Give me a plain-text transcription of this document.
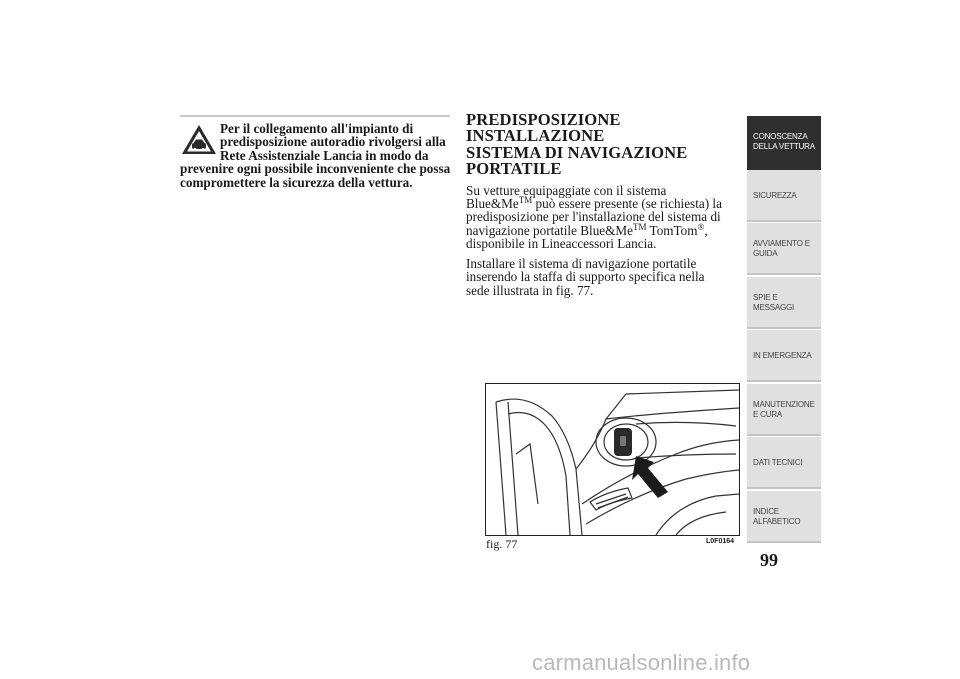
Per il collegamento all'impianto di predisposizione autoradio rivolgersi alla Rete Assistenziale Lancia in modo da prevenire ogni possibile inconveniente che possa compromettere la sicurezza della vettura.

PREDISPOSIZIONE INSTALLAZIONE
SISTEMA DI NAVIGAZIONE
PORTATILE

Su vetture equipaggiate con il sistema Blue&Me™ può essere presente (se richiesta) la predisposizione per l'installazione del sistema di navigazione portatile Blue&Me™ TomTom®, disponibile in Lineaccessori Lancia.

Installare il sistema di navigazione portatile inserendo la staffa di supporto specifica nella sede illustrata in fig. 77.

fig. 77	L0F0164
CONOSCENZA DELLA VETTURA
SICUREZZA
AVVIAMENTO E GUIDA
SPIE E MESSAGGI
IN EMERGENZA
MANUTENZIONE E CURA
DATI TECNICI
INDICE ALFABETICO
99
carmanualsonline.info
